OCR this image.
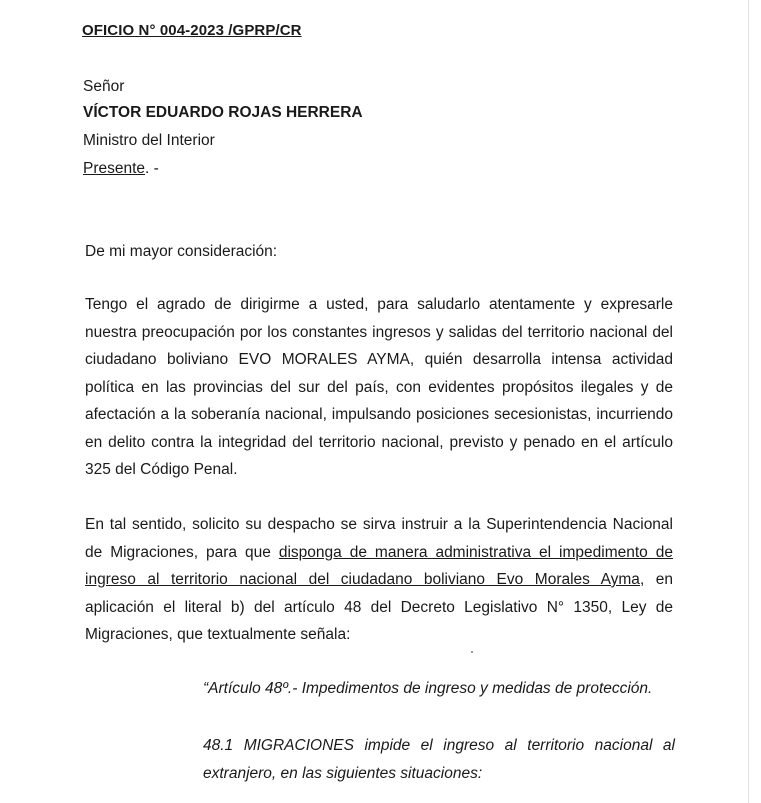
OFICIO N° 004-2023 /GPRP/CR

Señor

VÍCTOR EDUARDO ROJAS HERRERA

Ministro del Interior

Presente. -

De mi mayor consideración:

Tengo el agrado de dirigirme a usted, para saludarlo atentamente y expresarle nuestra preocupación por los constantes ingresos y salidas del territorio nacional del ciudadano boliviano EVO MORALES AYMA, quién desarrolla intensa actividad política en las provincias del sur del país, con evidentes propósitos ilegales y de afectación a la soberanía nacional, impulsando posiciones secesionistas, incurriendo en delito contra la integridad del territorio nacional, previsto y penado en el artículo 325 del Código Penal.

En tal sentido, solicito su despacho se sirva instruir a la Superintendencia Nacional de Migraciones, para que disponga de manera administrativa el impedimento de ingreso al territorio nacional del ciudadano boliviano Evo Morales Ayma, en aplicación el literal b) del artículo 48 del Decreto Legislativo N° 1350, Ley de Migraciones, que textualmente señala:

“Artículo 48º.- Impedimentos de ingreso y medidas de protección.

48.1 MIGRACIONES impide el ingreso al territorio nacional al extranjero, en las siguientes situaciones:
